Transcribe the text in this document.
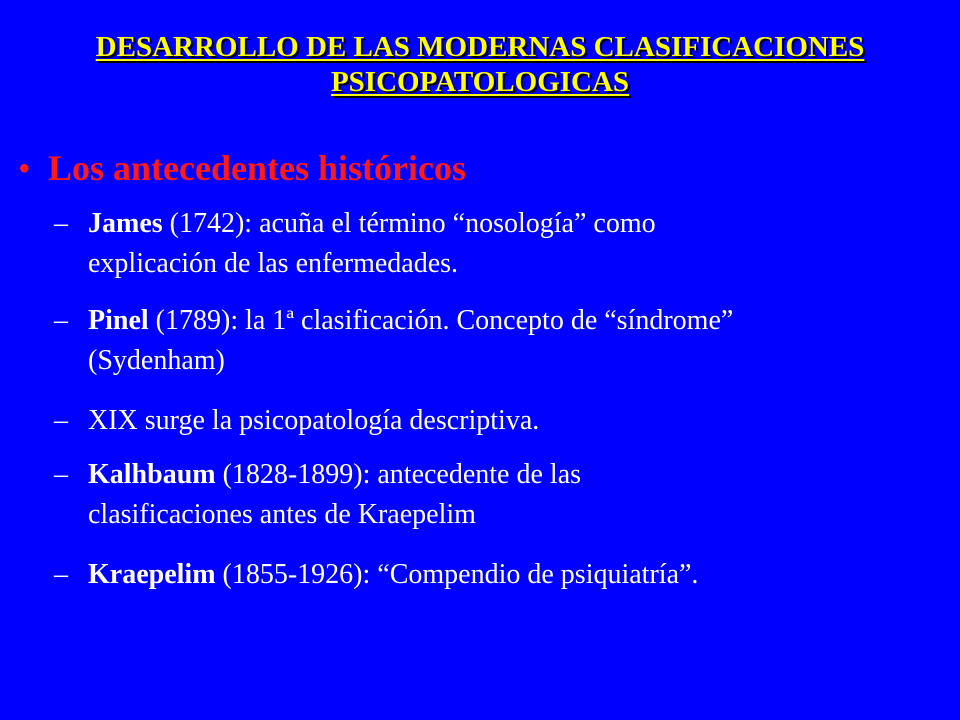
DESARROLLO DE LAS MODERNAS CLASIFICACIONES
PSICOPATOLOGICAS
• Los antecedentes históricos
– James (1742): acuña el término “nosología” como
explicación de las enfermedades.
– Pinel (1789): la 1ª clasificación. Concepto de “síndrome”
(Sydenham)
– XIX surge la psicopatología descriptiva.
– Kalhbaum (1828-1899): antecedente de las
clasificaciones antes de Kraepelim
– Kraepelim (1855-1926): “Compendio de psiquiatría”.
